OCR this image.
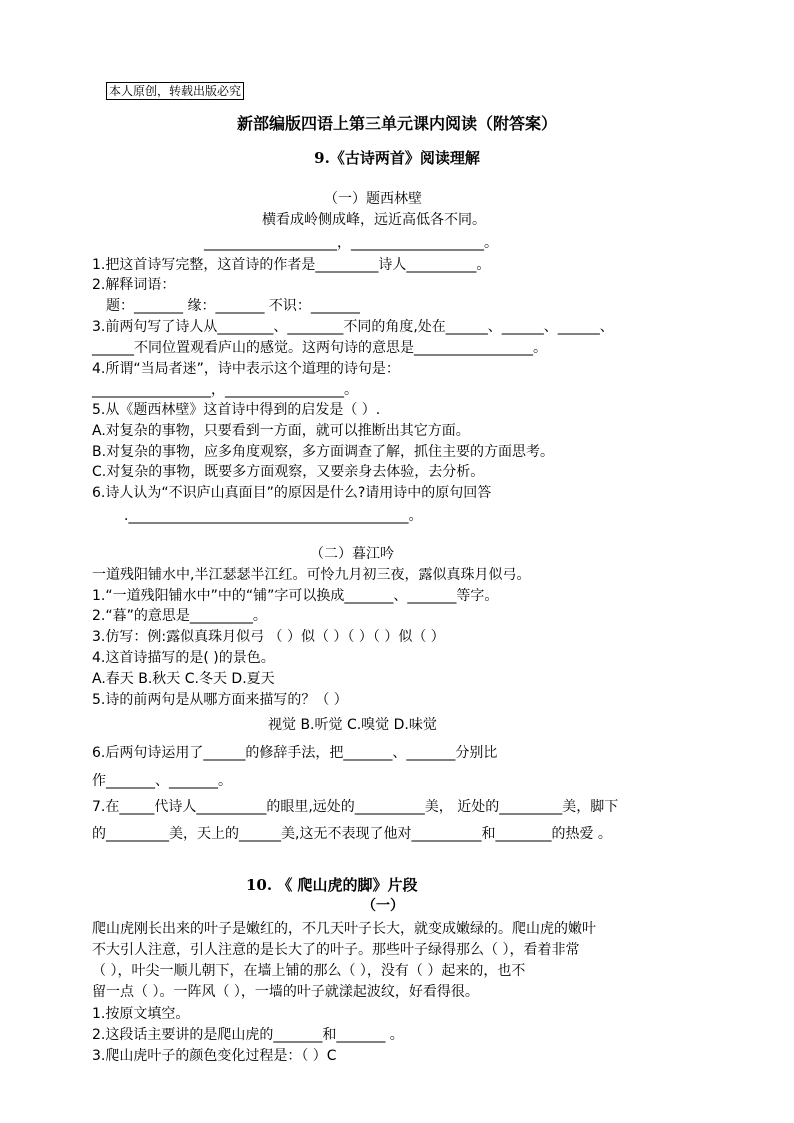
本人原创，转载出版必究
新部编版四语上第三单元课内阅读（附答案）
9.《古诗两首》阅读理解
（一）题西林壁
横看成岭侧成峰，远近高低各不同。
___________________，___________________。
1.把这首诗写完整，这首诗的作者是_________诗人__________。
2.解释词语：
题：_______ 缘：_______ 不识：_______
3.前两句写了诗人从________、________不同的角度,处在______、______、______、
______不同位置观看庐山的感觉。这两句诗的意思是_________________。
4.所谓“当局者迷”，诗中表示这个道理的诗句是：
_________________，_________________。
5.从《题西林壁》这首诗中得到的启发是（ ）.
A.对复杂的事物，只要看到一方面，就可以推断出其它方面。
B.对复杂的事物，应多角度观察，多方面调查了解，抓住主要的方面思考。
C.对复杂的事物，既要多方面观察，又要亲身去体验，去分析。
6.诗人认为“不识庐山真面目”的原因是什么?请用诗中的原句回答
.________________________________________。
（二）暮江吟
一道残阳铺水中,半江瑟瑟半江红。可怜九月初三夜，露似真珠月似弓。
1.“一道残阳铺水中”中的“铺”字可以换成_______、_______等字。
2.“暮”的意思是_________。
3.仿写：例:露似真珠月似弓 （ ）似（ ）（ ）（ ）似（ ）
4.这首诗描写的是( )的景色。
A.春天 B.秋天 C.冬天 D.夏天
5.诗的前两句是从哪方面来描写的？（ ）
视觉 B.听觉 C.嗅觉 D.味觉
6.后两句诗运用了______的修辞手法，把_______、_______分别比
作_______、_______。
7.在_____代诗人__________的眼里,远处的__________美， 近处的_________美，脚下
的_________美，天上的______美,这无不表现了他对__________和________的热爱 。
10. 《 爬山虎的脚》片段
（一）
爬山虎刚长出来的叶子是嫩红的，不几天叶子长大，就变成嫩绿的。爬山虎的嫩叶
不大引人注意，引人注意的是长大了的叶子。那些叶子绿得那么（ ），看着非常
（ ），叶尖一顺儿朝下，在墙上铺的那么（ ），没有（ ）起来的，也不
留一点（ ）。一阵风（ ），一墙的叶子就漾起波纹，好看得很。
1.按原文填空。
2.这段话主要讲的是爬山虎的_______和_______ 。
3.爬山虎叶子的颜色变化过程是：（ ）C
